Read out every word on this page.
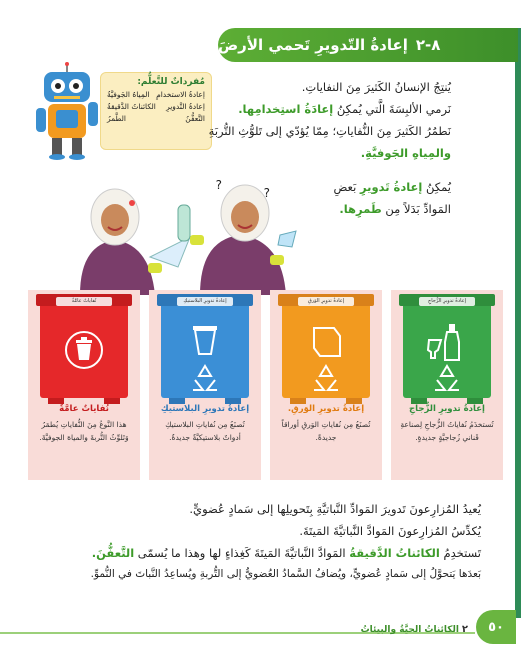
٨-٢
إعادةُ التّدويرِ تَحمي الأرضَ
مُفرداتٌ للتَّعلُّم:
إعادةُ الاستخدامِ
المِياهُ الجَوفيَّةُ
إعادةُ التَّدويرِ
الكائناتُ الدَّقيقةُ
التَّعفُّنُ
الطَّمرُ
يُنتِجُ الإنسانُ الكَثيرَ مِنَ النفاياتِ.
نَرمي الألبِسَةَ الَّتي يُمكِنُ إعادَةُ استِخدامِها.
نَطمُرُ الكَثيرَ مِنَ النُّفاياتِ؛ مِمّا يُؤدّي إلى تَلوُّثِ التُّربَةِ
والمِياهِ الجَوفيَّةِ.
يُمكِنُ إعادةُ تَدويرِ بَعضِ
المَوادِّ بَدَلاً مِن طَمرِها.
?
?
إعادةُ تدويرِ الزُّجاجِ
إعادةُ تدويرِ الزُّجاجِ
تُستخدَمُ نُفاياتُ الزُّجاجِ لِصناعةِ قَناني زُجاجيَّةٍ جديدةٍ.
إعادةُ تدويرِ الوَرقِ
إعادةُ تدويرِ الوَرقِ.
تُصنَعُ مِن نُفاياتِ الوَرقِ أوراقاً جديدةً.
إعادةُ تدويرِ البلاستيكِ
إعادةُ تدويرِ البلاستيكِ
تُصنَعُ مِن نُفاياتِ البلاستيكِ أدواتٌ بلاستيكيَّةٌ جديدةٌ.
نُفاياتٌ عامَّةٌ
نُفاياتٌ عامَّةٌ
هذا النَّوعُ مِنَ النُّفاياتِ يُطمَرُ وَتَلوِّثُ التُّربةَ والمياهَ الجوفيَّةَ.
يُعيدُ المُزارِعونَ تَدويرَ المَوادِّ النَّباتيَّةِ بِتَحويلِها إلى سَمادٍ عُضويٍّ.
يُكدِّسُ المُزارِعونَ المَوادَّ النَّباتيَّةَ المَيتَةَ.
تَستخدِمُ الكائناتُ الدَّقيقةُ المَوادَّ النَّباتيَّةَ المَيتَةَ كَغِذاءٍ لها وهذا ما يُسمّى التَّعفُّنَ.
بَعدَها يَتحوَّلُ إلى سَمادٍ عُضويٍّ، ويُضافُ السَّمادُ العُضويُّ إلى التُّربةِ ويُساعِدُ النَّباتَ في النُّموِّ.
٥٠
٢
الكائناتُ الحيَّةُ والبيئاتُ
